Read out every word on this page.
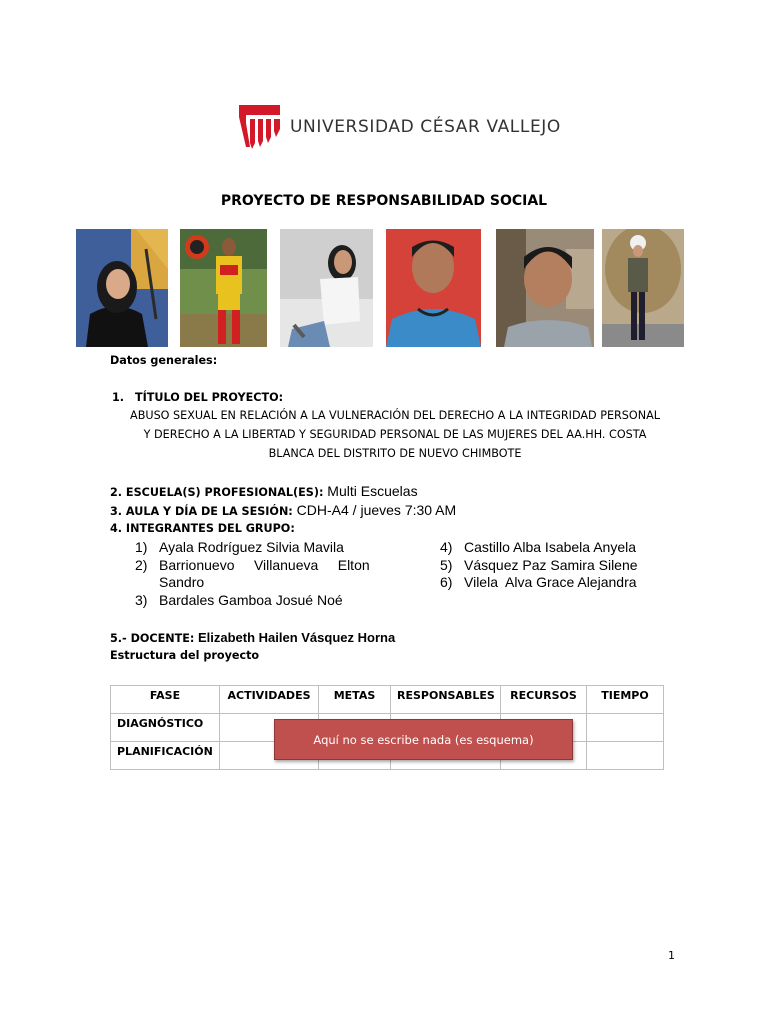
UNIVERSIDAD CÉSAR VALLEJO
PROYECTO DE RESPONSABILIDAD SOCIAL
Datos generales:
1. TÍTULO DEL PROYECTO:
ABUSO SEXUAL EN RELACIÓN A LA VULNERACIÓN DEL DERECHO A LA INTEGRIDAD PERSONAL
Y DERECHO A LA LIBERTAD Y SEGURIDAD PERSONAL DE LAS MUJERES DEL AA.HH. COSTA
BLANCA DEL DISTRITO DE NUEVO CHIMBOTE
2. ESCUELA(S) PROFESIONAL(ES): Multi Escuelas
3. AULA Y DÍA DE LA SESIÓN: CDH-A4 / jueves 7:30 AM
4. INTEGRANTES DEL GRUPO:
1) Ayala Rodríguez Silvia Mavila
2) Barrionuevo     Villanueva     Elton
Sandro
3) Bardales Gamboa Josué Noé
4) Castillo Alba Isabela Anyela
5) Vásquez Paz Samira Silene
6) Vilela  Alva Grace Alejandra
5.- DOCENTE: Elizabeth Hailen Vásquez Horna
Estructura del proyecto
FASE	ACTIVIDADES	METAS	RESPONSABLES	RECURSOS	TIEMPO
DIAGNÓSTICO					
PLANIFICACIÓN					
Aquí no se escribe nada (es esquema)
1
